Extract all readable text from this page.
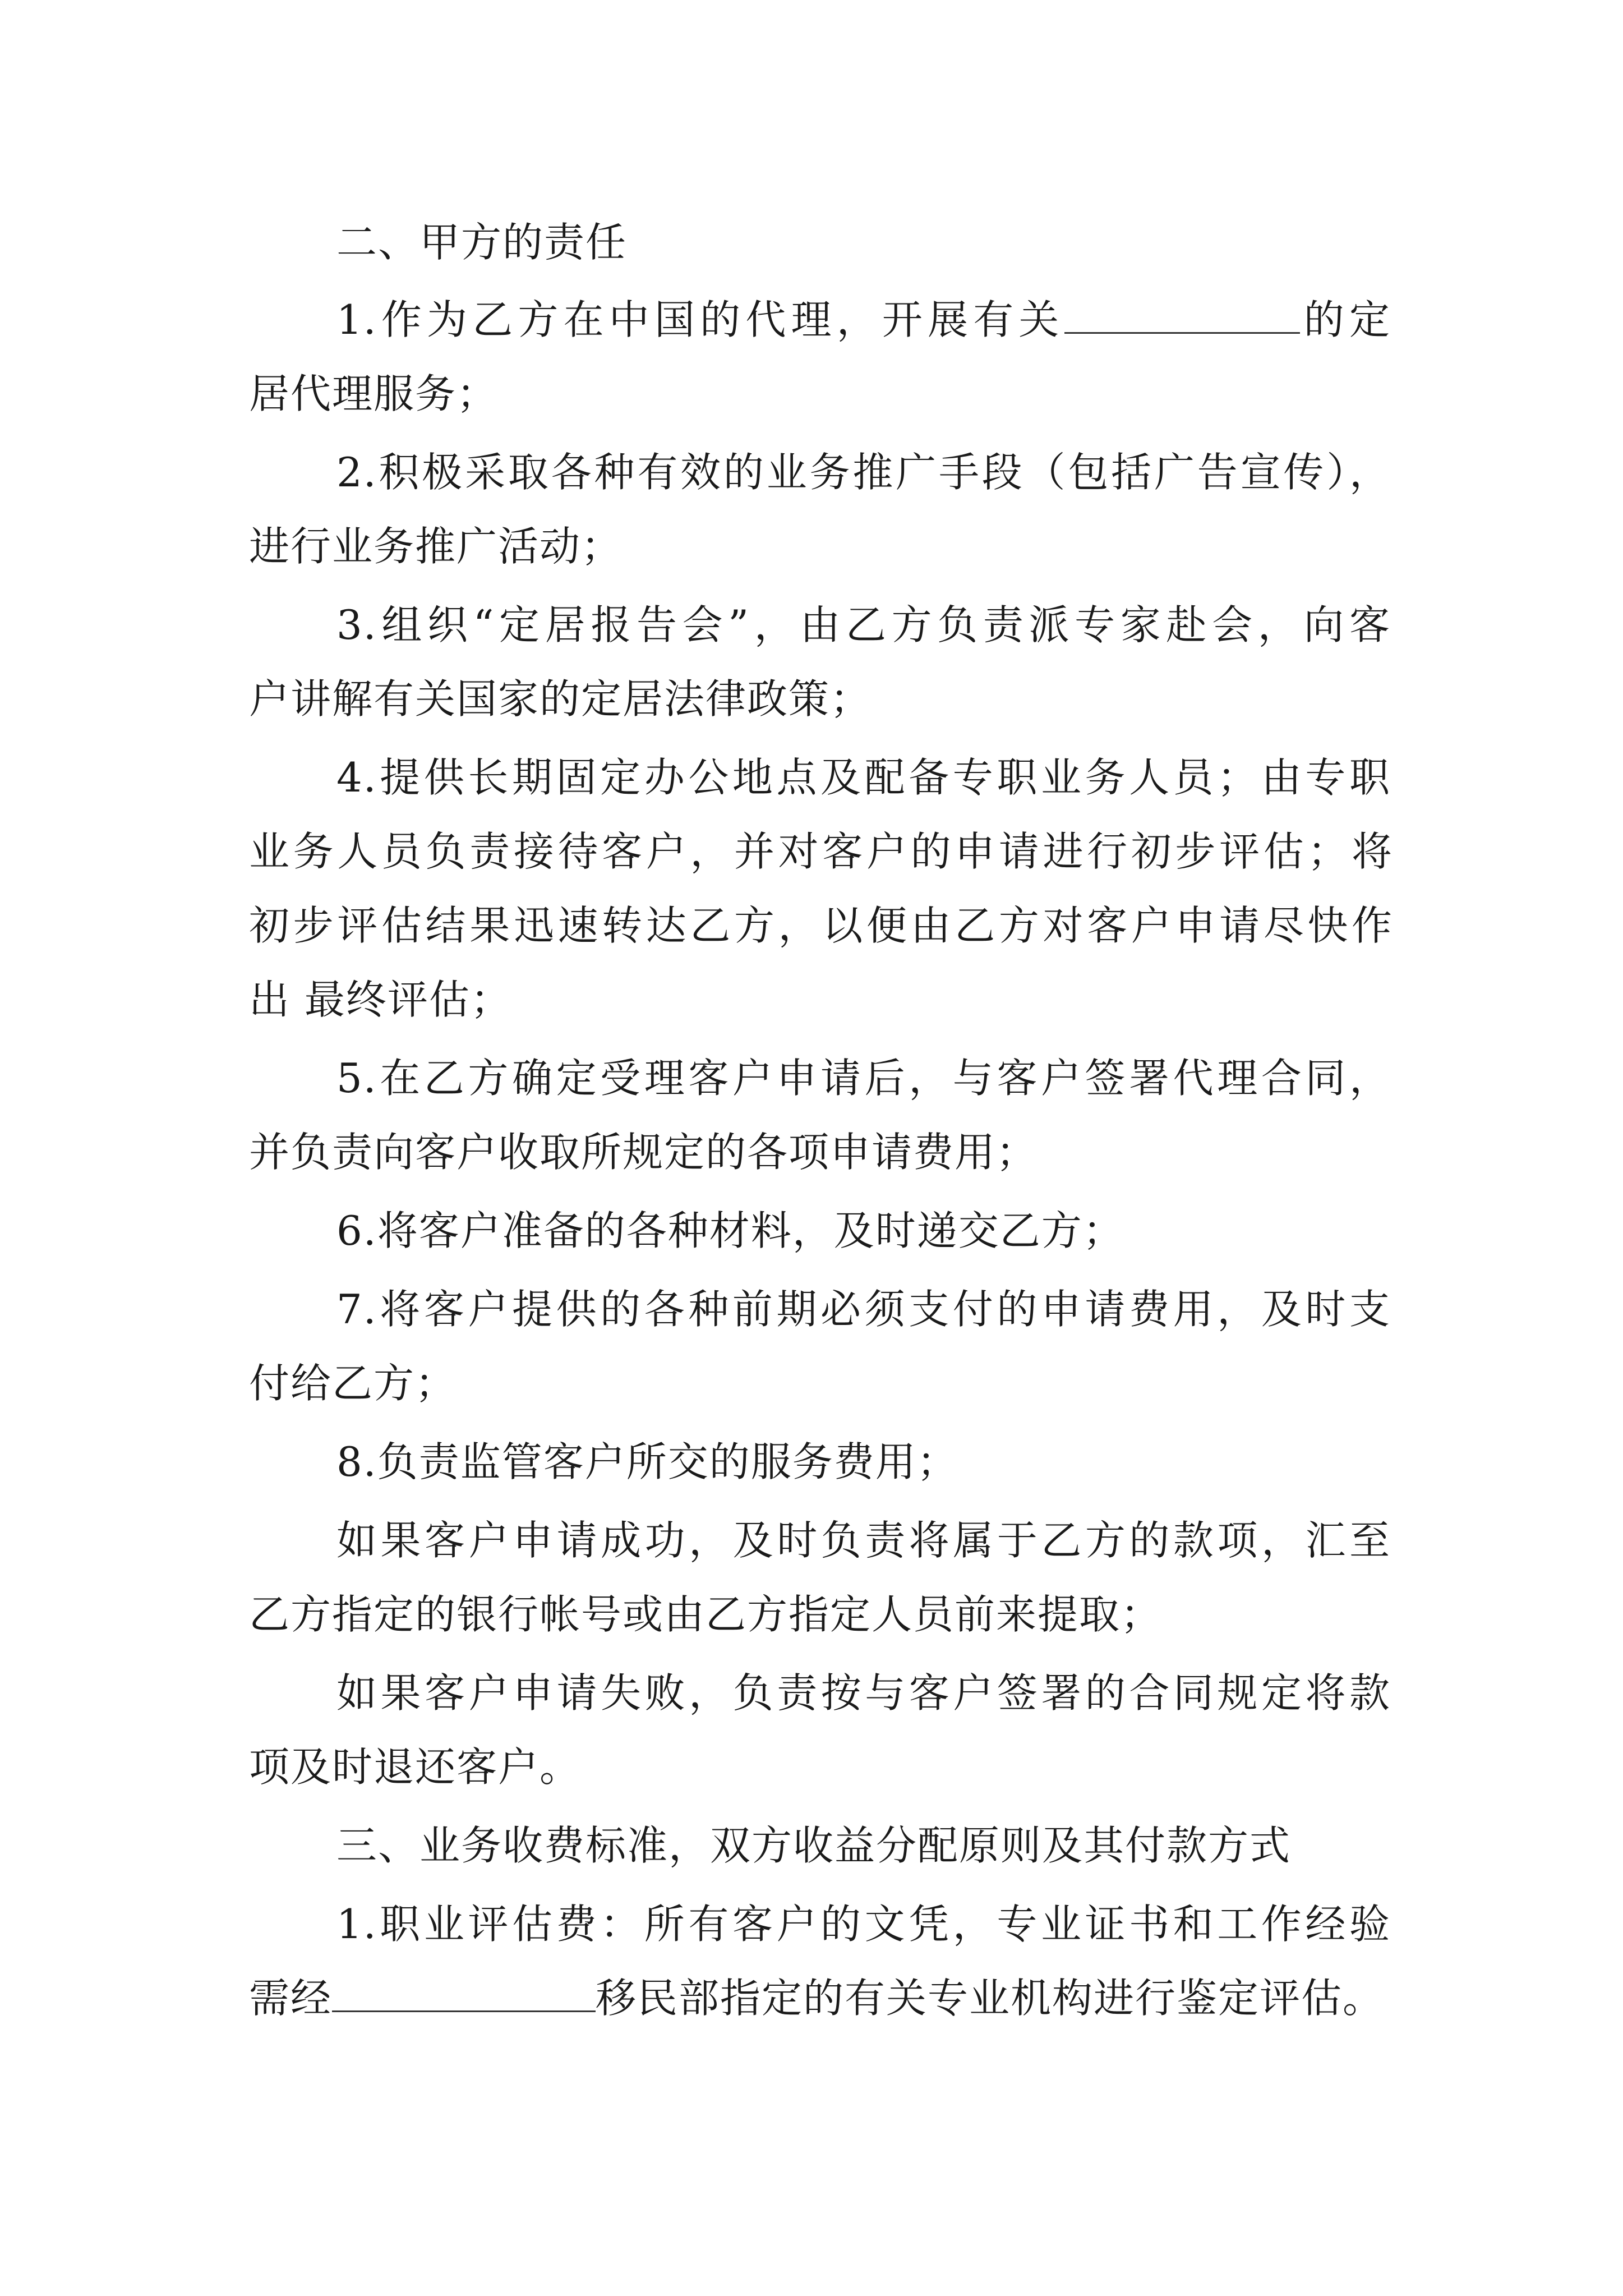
二、甲方的责任
1.作为乙方在中国的代理，开展有关	的定
居代理服务；
2.积极采取各种有效的业务推广手段（包括广告宣传），
进行业务推广活动；
3.组织“定居报告会”，由乙方负责派专家赴会，向客
户讲解有关国家的定居法律政策；
4.提供长期固定办公地点及配备专职业务人员；由专职
业务人员负责接待客户，并对客户的申请进行初步评估；将
初步评估结果迅速转达乙方，以便由乙方对客户申请尽快作
出 最终评估；
5.在乙方确定受理客户申请后，与客户签署代理合同，
并负责向客户收取所规定的各项申请费用；
6.将客户准备的各种材料，及时递交乙方；
7.将客户提供的各种前期必须支付的申请费用，及时支
付给乙方；
8.负责监管客户所交的服务费用；
如果客户申请成功，及时负责将属于乙方的款项，汇至
乙方指定的银行帐号或由乙方指定人员前来提取；
如果客户申请失败，负责按与客户签署的合同规定将款
项及时退还客户。
三、业务收费标准，双方收益分配原则及其付款方式
1.职业评估费：所有客户的文凭，专业证书和工作经验
需经	移民部指定的有关专业机构进行鉴定评估。
